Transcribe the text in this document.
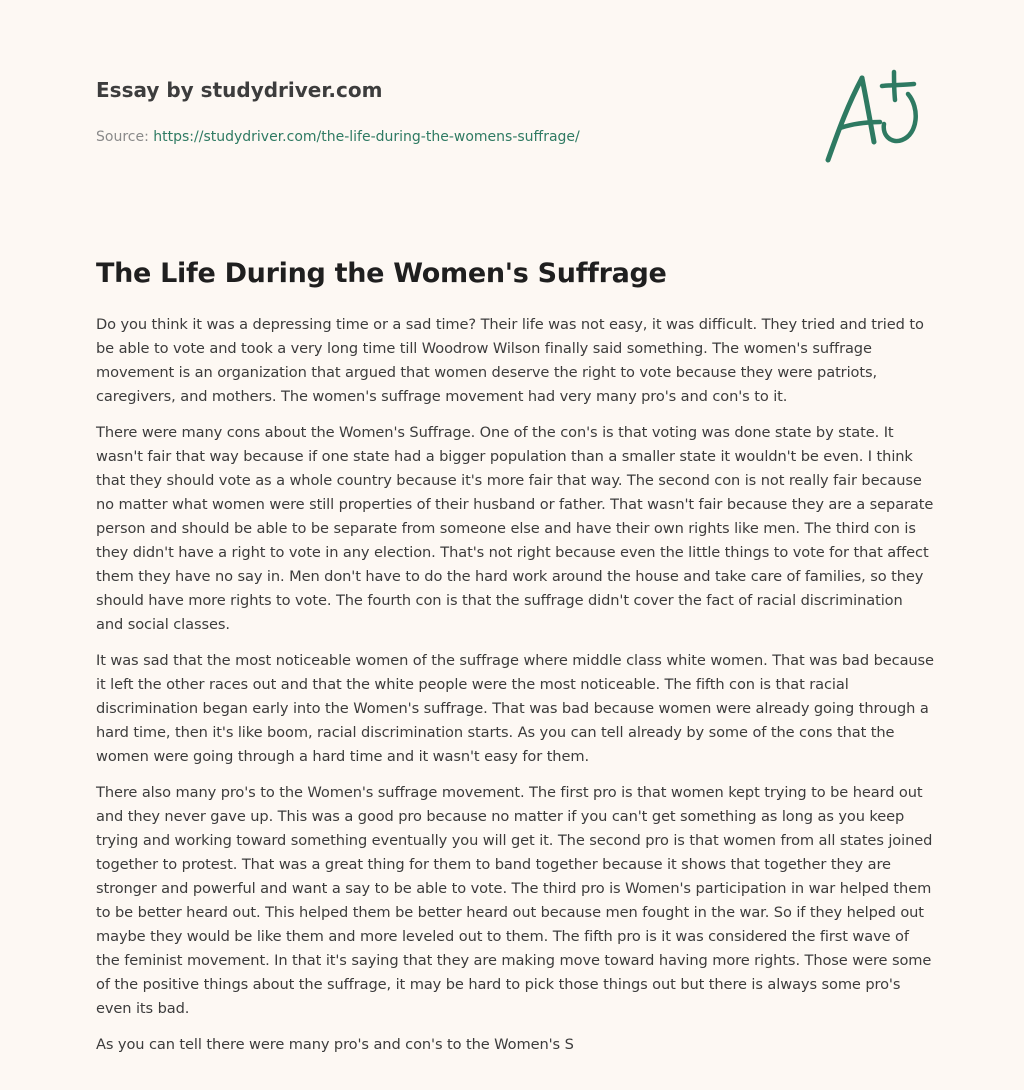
Essay by studydriver.com
Source: https://studydriver.com/the-life-during-the-womens-suffrage/
The Life During the Women's Suffrage

Do you think it was a depressing time or a sad time? Their life was not easy, it was difficult. They tried and tried to be able to vote and took a very long time till Woodrow Wilson finally said something. The women's suffrage movement is an organization that argued that women deserve the right to vote because they were patriots, caregivers, and mothers. The women's suffrage movement had very many pro's and con's to it.

There were many cons about the Women's Suffrage. One of the con's is that voting was done state by state. It wasn't fair that way because if one state had a bigger population than a smaller state it wouldn't be even. I think that they should vote as a whole country because it's more fair that way. The second con is not really fair because no matter what women were still properties of their husband or father. That wasn't fair because they are a separate person and should be able to be separate from someone else and have their own rights like men. The third con is they didn't have a right to vote in any election. That's not right because even the little things to vote for that affect them they have no say in. Men don't have to do the hard work around the house and take care of families, so they should have more rights to vote. The fourth con is that the suffrage didn't cover the fact of racial discrimination and social classes.

It was sad that the most noticeable women of the suffrage where middle class white women. That was bad because it left the other races out and that the white people were the most noticeable. The fifth con is that racial discrimination began early into the Women's suffrage. That was bad because women were already going through a hard time, then it's like boom, racial discrimination starts. As you can tell already by some of the cons that the women were going through a hard time and it wasn't easy for them.

There also many pro's to the Women's suffrage movement. The first pro is that women kept trying to be heard out and they never gave up. This was a good pro because no matter if you can't get something as long as you keep trying and working toward something eventually you will get it. The second pro is that women from all states joined together to protest. That was a great thing for them to band together because it shows that together they are stronger and powerful and want a say to be able to vote. The third pro is Women's participation in war helped them to be better heard out. This helped them be better heard out because men fought in the war. So if they helped out maybe they would be like them and more leveled out to them. The fifth pro is it was considered the first wave of the feminist movement. In that it's saying that they are making move toward having more rights. Those were some of the positive things about the suffrage, it may be hard to pick those things out but there is always some pro's even its bad.

As you can tell there were many pro's and con's to the Women's S
